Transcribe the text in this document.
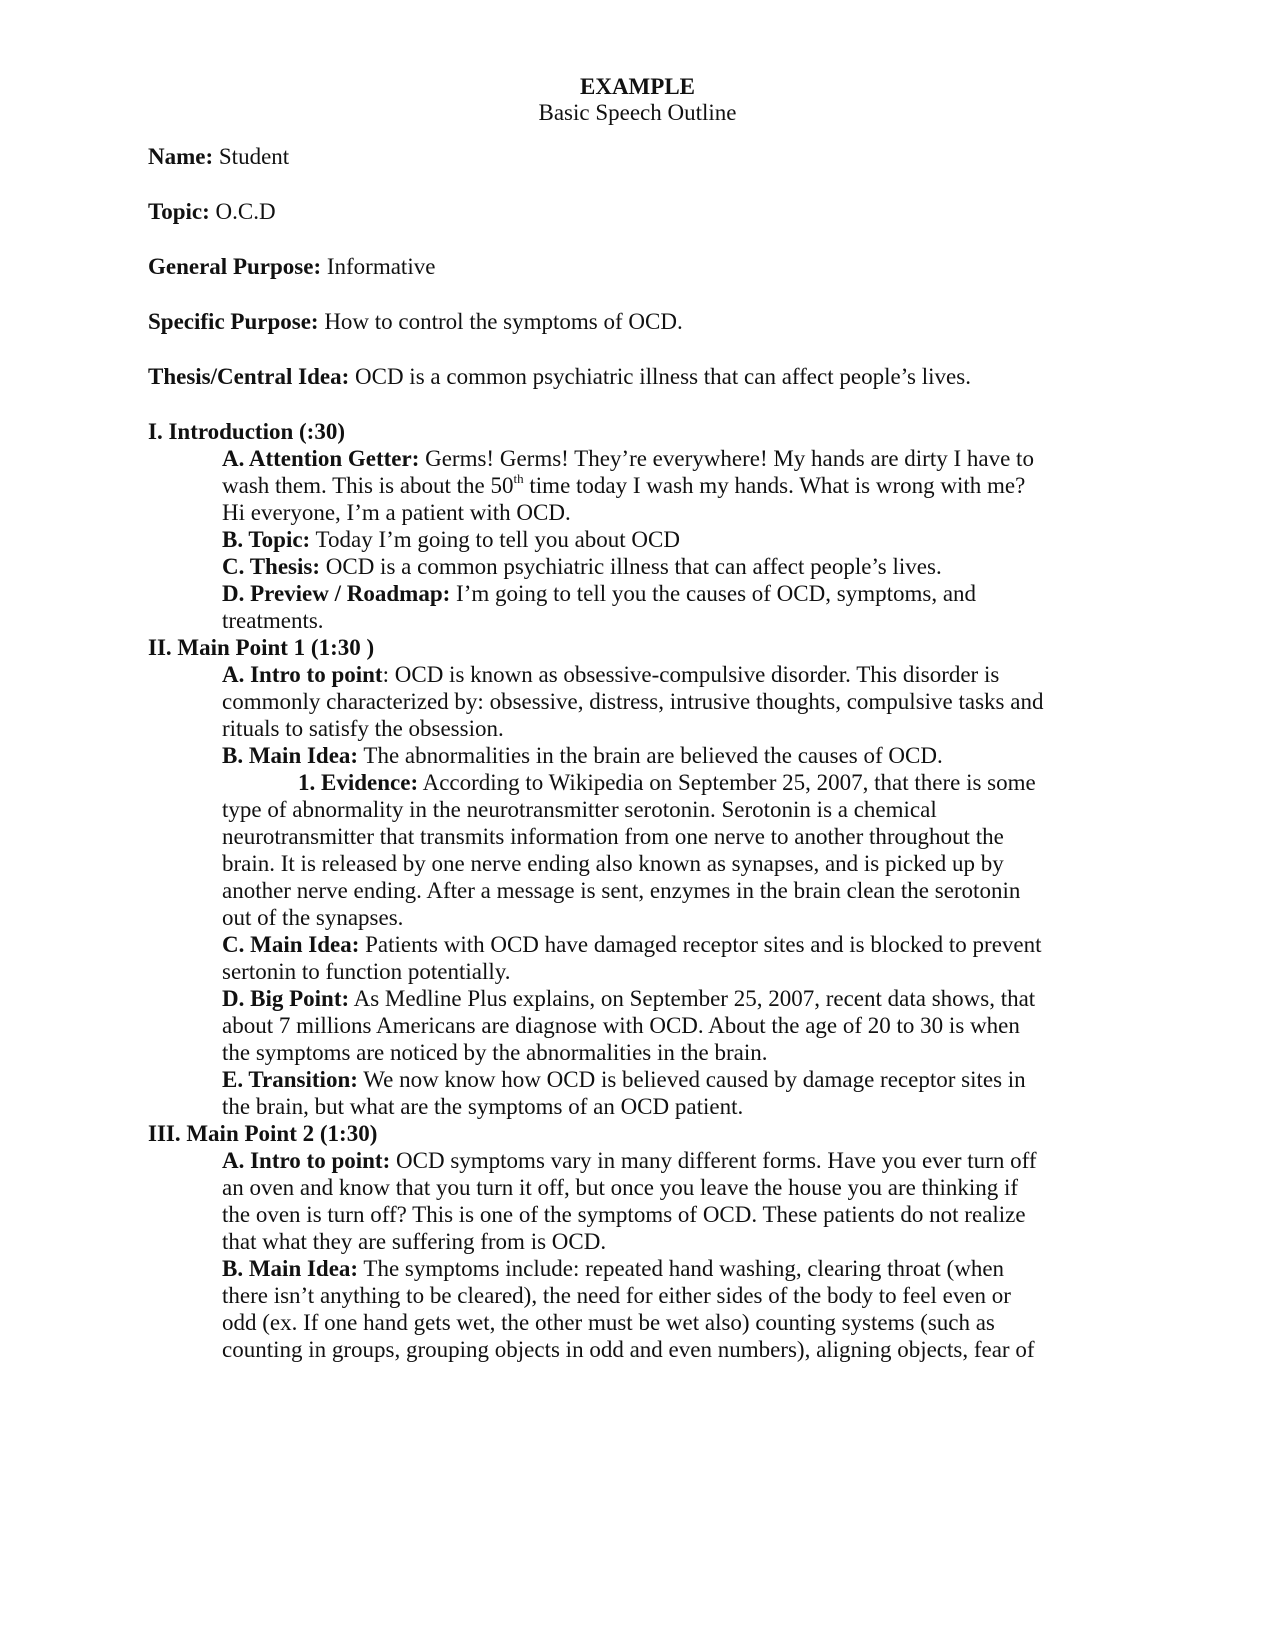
EXAMPLE
Basic Speech Outline
Name: Student
Topic: O.C.D
General Purpose: Informative
Specific Purpose: How to control the symptoms of OCD.
Thesis/Central Idea: OCD is a common psychiatric illness that can affect people’s lives.
I. Introduction (:30)
A. Attention Getter: Germs! Germs! They’re everywhere! My hands are dirty I have to
wash them. This is about the 50th time today I wash my hands. What is wrong with me?
Hi everyone, I’m a patient with OCD.
B. Topic: Today I’m going to tell you about OCD
C. Thesis: OCD is a common psychiatric illness that can affect people’s lives.
D. Preview / Roadmap: I’m going to tell you the causes of OCD, symptoms, and
treatments.
II. Main Point 1 (1:30 )
A. Intro to point: OCD is known as obsessive-compulsive disorder. This disorder is
commonly characterized by: obsessive, distress, intrusive thoughts, compulsive tasks and
rituals to satisfy the obsession.
B. Main Idea: The abnormalities in the brain are believed the causes of OCD.
1. Evidence: According to Wikipedia on September 25, 2007, that there is some
type of abnormality in the neurotransmitter serotonin. Serotonin is a chemical
neurotransmitter that transmits information from one nerve to another throughout the
brain. It is released by one nerve ending also known as synapses, and is picked up by
another nerve ending. After a message is sent, enzymes in the brain clean the serotonin
out of the synapses.
C. Main Idea: Patients with OCD have damaged receptor sites and is blocked to prevent
sertonin to function potentially.
D. Big Point: As Medline Plus explains, on September 25, 2007, recent data shows, that
about 7 millions Americans are diagnose with OCD. About the age of 20 to 30 is when
the symptoms are noticed by the abnormalities in the brain.
E. Transition: We now know how OCD is believed caused by damage receptor sites in
the brain, but what are the symptoms of an OCD patient.
III. Main Point 2 (1:30)
A. Intro to point: OCD symptoms vary in many different forms. Have you ever turn off
an oven and know that you turn it off, but once you leave the house you are thinking if
the oven is turn off? This is one of the symptoms of OCD. These patients do not realize
that what they are suffering from is OCD.
B. Main Idea: The symptoms include: repeated hand washing, clearing throat (when
there isn’t anything to be cleared), the need for either sides of the body to feel even or
odd (ex. If one hand gets wet, the other must be wet also) counting systems (such as
counting in groups, grouping objects in odd and even numbers), aligning objects, fear of
